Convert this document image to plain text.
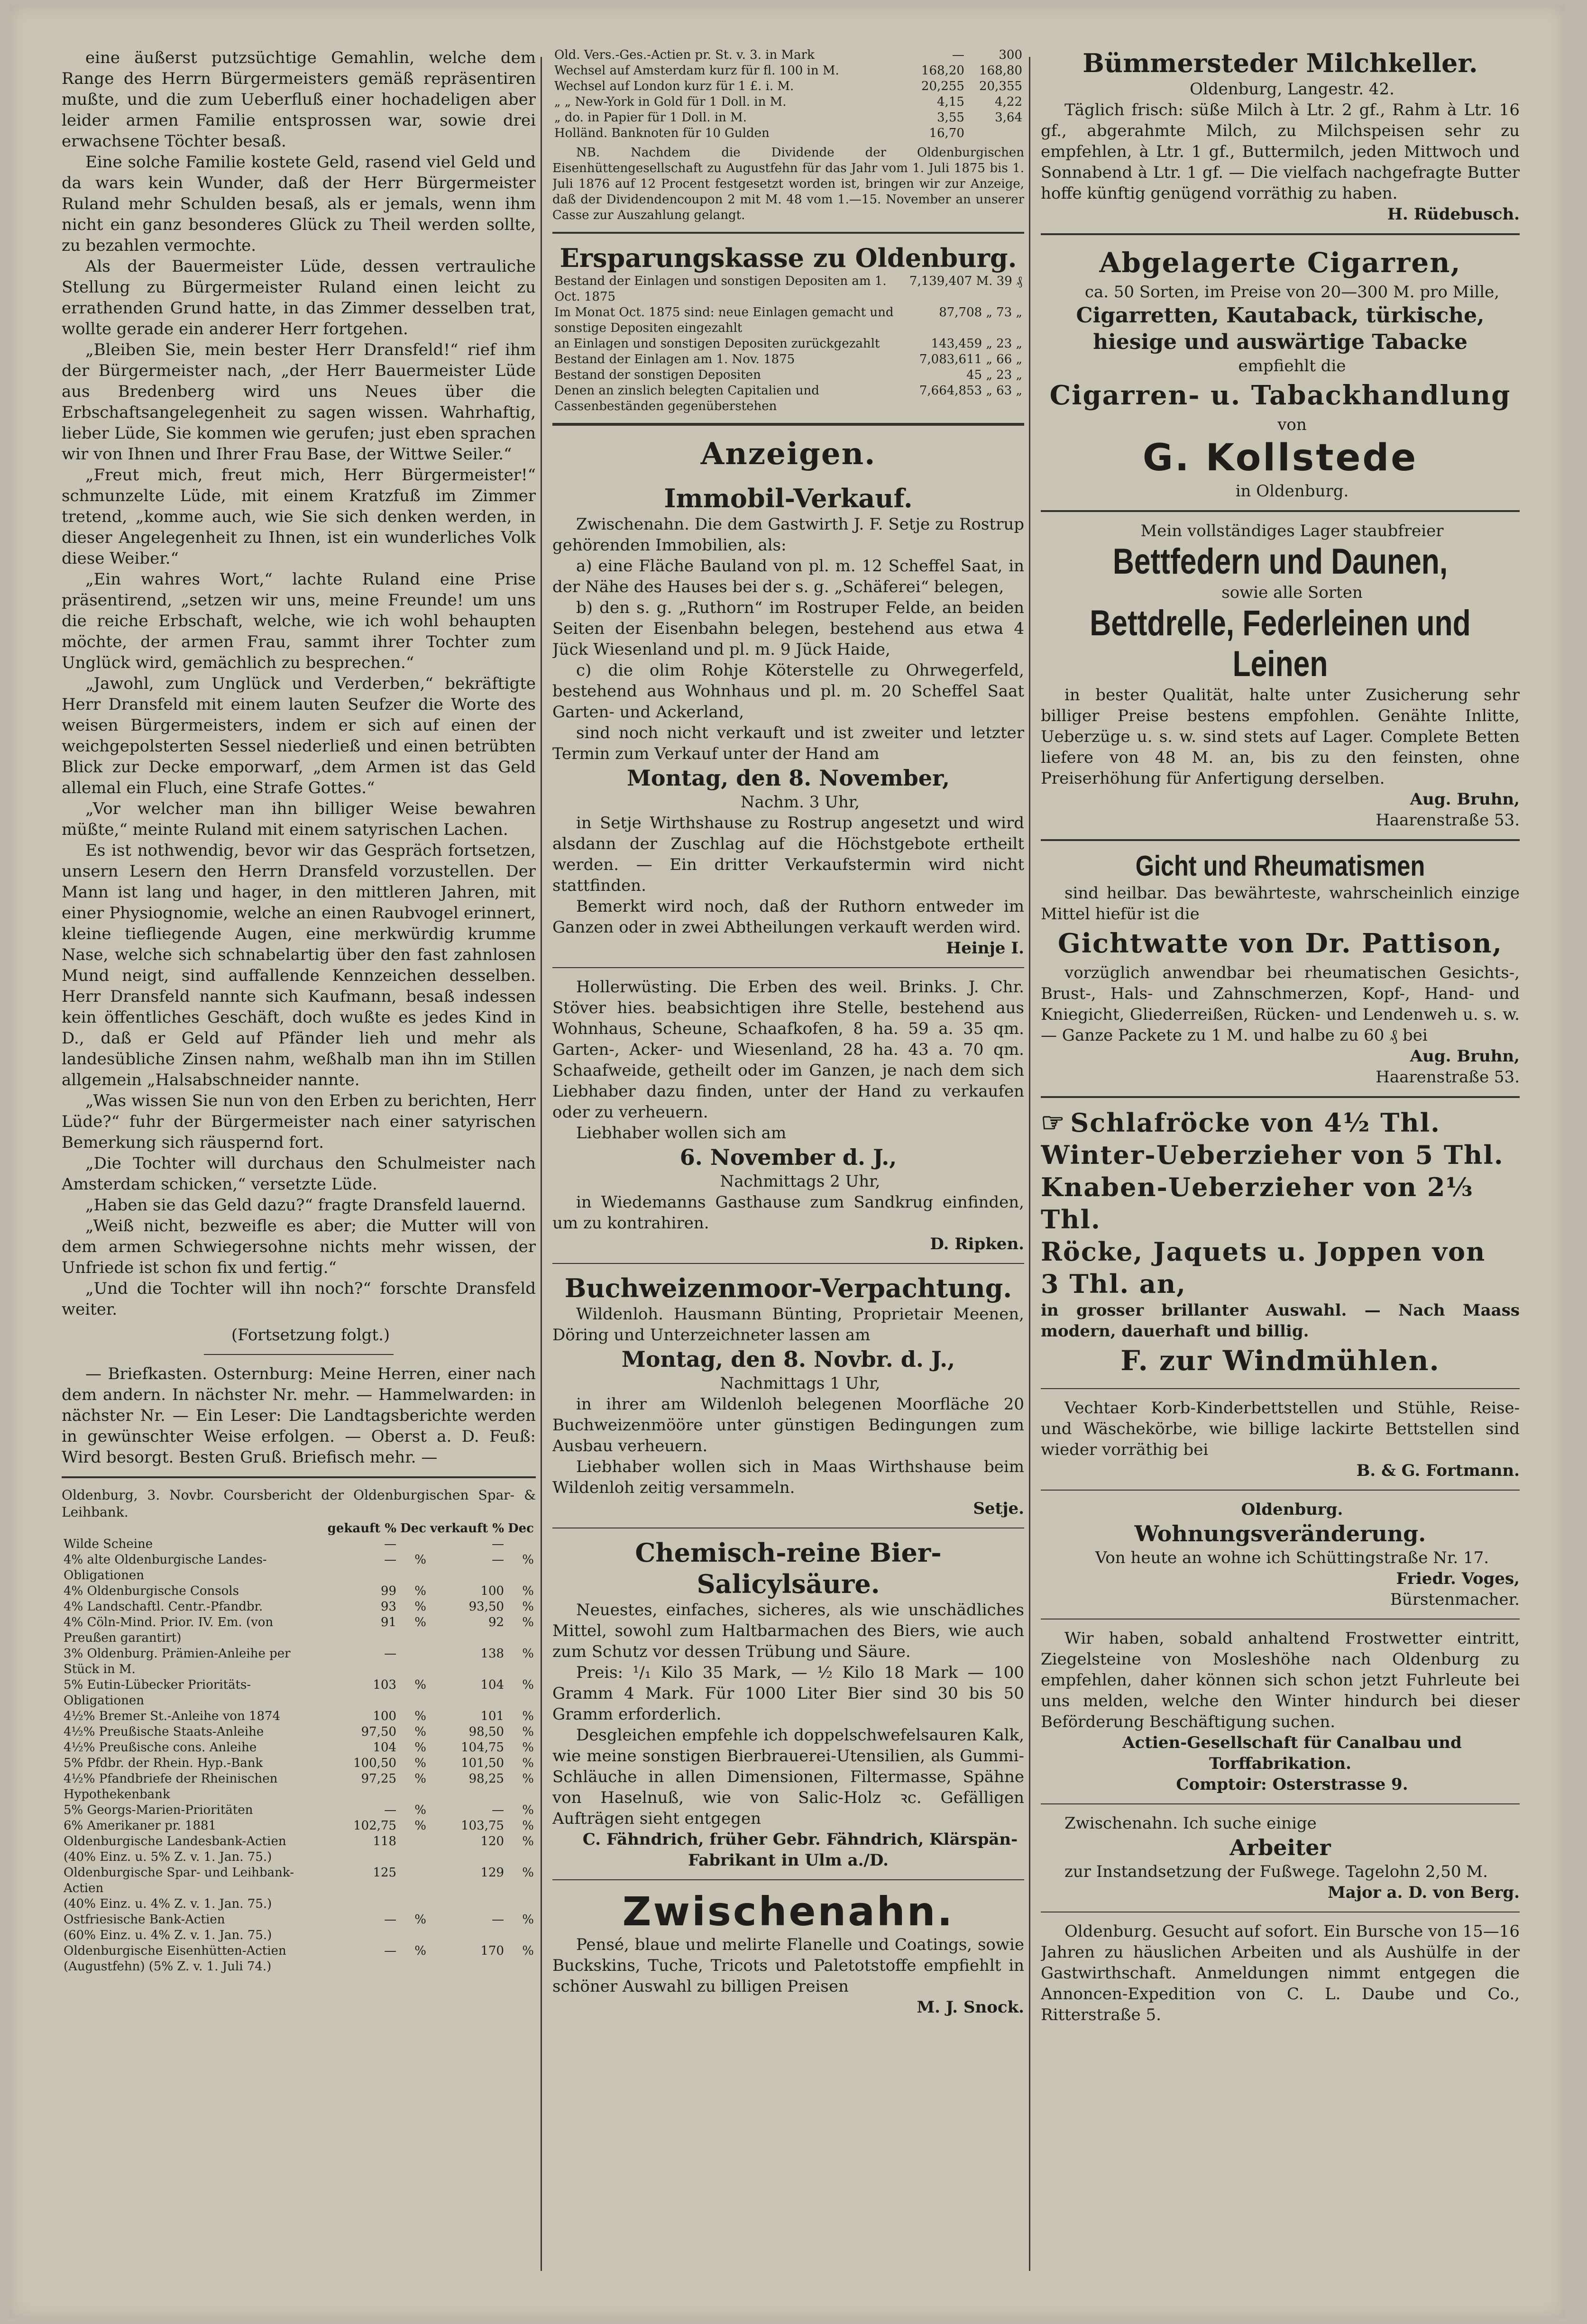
eine äußerst putzsüchtige Gemahlin, welche dem Range des Herrn Bürgermeisters gemäß repräsentiren mußte, und die zum Ueberfluß einer hochadeligen aber leider armen Familie entsprossen war, sowie drei erwachsene Töchter besaß.

Eine solche Familie kostete Geld, rasend viel Geld und da wars kein Wunder, daß der Herr Bürgermeister Ruland mehr Schulden besaß, als er jemals, wenn ihm nicht ein ganz besonderes Glück zu Theil werden sollte, zu bezahlen vermochte.

Als der Bauermeister Lüde, dessen vertrauliche Stellung zu Bürgermeister Ruland einen leicht zu errathenden Grund hatte, in das Zimmer desselben trat, wollte gerade ein anderer Herr fortgehen.

„Bleiben Sie, mein bester Herr Dransfeld!“ rief ihm der Bürgermeister nach, „der Herr Bauermeister Lüde aus Bredenberg wird uns Neues über die Erbschaftsangelegenheit zu sagen wissen. Wahrhaftig, lieber Lüde, Sie kommen wie gerufen; just eben sprachen wir von Ihnen und Ihrer Frau Base, der Wittwe Seiler.“

„Freut mich, freut mich, Herr Bürgermeister!“ schmunzelte Lüde, mit einem Kratzfuß im Zimmer tretend, „komme auch, wie Sie sich denken werden, in dieser Angelegenheit zu Ihnen, ist ein wunderliches Volk diese Weiber.“

„Ein wahres Wort,“ lachte Ruland eine Prise präsentirend, „setzen wir uns, meine Freunde! um uns die reiche Erbschaft, welche, wie ich wohl behaupten möchte, der armen Frau, sammt ihrer Tochter zum Unglück wird, gemächlich zu besprechen.“

„Jawohl, zum Unglück und Verderben,“ bekräftigte Herr Dransfeld mit einem lauten Seufzer die Worte des weisen Bürgermeisters, indem er sich auf einen der weichgepolsterten Sessel niederließ und einen betrübten Blick zur Decke emporwarf, „dem Armen ist das Geld allemal ein Fluch, eine Strafe Gottes.“

„Vor welcher man ihn billiger Weise bewahren müßte,“ meinte Ruland mit einem satyrischen Lachen.

Es ist nothwendig, bevor wir das Gespräch fortsetzen, unsern Lesern den Herrn Dransfeld vorzustellen. Der Mann ist lang und hager, in den mittleren Jahren, mit einer Physiognomie, welche an einen Raubvogel erinnert, kleine tiefliegende Augen, eine merkwürdig krumme Nase, welche sich schnabelartig über den fast zahnlosen Mund neigt, sind auffallende Kennzeichen desselben. Herr Dransfeld nannte sich Kaufmann, besaß indessen kein öffentliches Geschäft, doch wußte es jedes Kind in D., daß er Geld auf Pfänder lieh und mehr als landesübliche Zinsen nahm, weßhalb man ihn im Stillen allgemein „Halsabschneider nannte.

„Was wissen Sie nun von den Erben zu berichten, Herr Lüde?“ fuhr der Bürgermeister nach einer satyrischen Bemerkung sich räuspernd fort.

„Die Tochter will durchaus den Schulmeister nach Amsterdam schicken,“ versetzte Lüde.

„Haben sie das Geld dazu?“ fragte Dransfeld lauernd.

„Weiß nicht, bezweifle es aber; die Mutter will von dem armen Schwiegersohne nichts mehr wissen, der Unfriede ist schon fix und fertig.“

„Und die Tochter will ihn noch?“ forschte Dransfeld weiter.

(Fortsetzung folgt.)

— Briefkasten. Osternburg: Meine Herren, einer nach dem andern. In nächster Nr. mehr. — Hammelwarden: in nächster Nr. — Ein Leser: Die Landtagsberichte werden in gewünschter Weise erfolgen. — Oberst a. D. Feuß: Wird besorgt. Besten Gruß. Briefisch mehr. —

Oldenburg, 3. Novbr. Coursbericht der Oldenburgischen Spar- & Leihbank.

	gekauft %	Dec	verkauft %	Dec
Wilde Scheine	—		—	
4% alte Oldenburgische Landes-Obligationen	—	%	—	%
4% Oldenburgische Consols	99	%	100	%
4% Landschaftl. Centr.-Pfandbr.	93	%	93,50	%
4% Cöln-Mind. Prior. IV. Em. (von Preußen garantirt)	91	%	92	%
3% Oldenburg. Prämien-Anleihe per Stück in M.	—		138	%
5% Eutin-Lübecker Prioritäts-Obligationen	103	%	104	%
4½% Bremer St.-Anleihe von 1874	100	%	101	%
4½% Preußische Staats-Anleihe	97,50	%	98,50	%
4½% Preußische cons. Anleihe	104	%	104,75	%
5% Pfdbr. der Rhein. Hyp.-Bank	100,50	%	101,50	%
4½% Pfandbriefe der Rheinischen Hypothekenbank	97,25	%	98,25	%
5% Georgs-Marien-Prioritäten	—	%	—	%
6% Amerikaner pr. 1881	102,75	%	103,75	%
Oldenburgische Landesbank-Actien	118		120	%
(40% Einz. u. 5% Z. v. 1. Jan. 75.)				
Oldenburgische Spar- und Leihbank-Actien	125		129	%
(40% Einz. u. 4% Z. v. 1. Jan. 75.)				
Ostfriesische Bank-Actien	—	%	—	%
(60% Einz. u. 4% Z. v. 1. Jan. 75.)				
Oldenburgische Eisenhütten-Actien (Augustfehn) (5% Z. v. 1. Juli 74.)	—	%	170	%
Old. Vers.-Ges.-Actien pr. St. v. 3. in Mark	—	300
Wechsel auf Amsterdam kurz für fl. 100 in M.	168,20	168,80
Wechsel auf London kurz für 1 £. i. M.	20,255	20,355
„ „ New-York in Gold für 1 Doll. in M.	4,15	4,22
„ do. in Papier für 1 Doll. in M.	3,55	3,64
Holländ. Banknoten für 10 Gulden	16,70	

NB. Nachdem die Dividende der Oldenburgischen Eisenhüttengesellschaft zu Augustfehn für das Jahr vom 1. Juli 1875 bis 1. Juli 1876 auf 12 Procent festgesetzt worden ist, bringen wir zur Anzeige, daß der Dividendencoupon 2 mit M. 48 vom 1.—15. November an unserer Casse zur Auszahlung gelangt.

Ersparungskasse zu Oldenburg.
Bestand der Einlagen und sonstigen Depositen am 1. Oct. 1875	7,139,407 M. 39 ₰
Im Monat Oct. 1875 sind: neue Einlagen gemacht und sonstige Depositen eingezahlt	87,708 „ 73 „
an Einlagen und sonstigen Depositen zurückgezahlt	143,459 „ 23 „
Bestand der Einlagen am 1. Nov. 1875	7,083,611 „ 66 „
Bestand der sonstigen Depositen	45 „ 23 „
Denen an zinslich belegten Capitalien und Cassenbeständen gegenüberstehen	7,664,853 „ 63 „
Anzeigen.
Immobil-Verkauf.

Zwischenahn. Die dem Gastwirth J. F. Setje zu Rostrup gehörenden Immobilien, als:

a) eine Fläche Bauland von pl. m. 12 Scheffel Saat, in der Nähe des Hauses bei der s. g. „Schäferei“ belegen,

b) den s. g. „Ruthorn“ im Rostruper Felde, an beiden Seiten der Eisenbahn belegen, bestehend aus etwa 4 Jück Wiesenland und pl. m. 9 Jück Haide,

c) die olim Rohje Köterstelle zu Ohrwegerfeld, bestehend aus Wohnhaus und pl. m. 20 Scheffel Saat Garten- und Ackerland,

sind noch nicht verkauft und ist zweiter und letzter Termin zum Verkauf unter der Hand am

Montag, den 8. November,

Nachm. 3 Uhr,

in Setje Wirthshause zu Rostrup angesetzt und wird alsdann der Zuschlag auf die Höchstgebote ertheilt werden. — Ein dritter Verkaufstermin wird nicht stattfinden.

Bemerkt wird noch, daß der Ruthorn entweder im Ganzen oder in zwei Abtheilungen verkauft werden wird.

Heinje I.

Hollerwüsting. Die Erben des weil. Brinks. J. Chr. Stöver hies. beabsichtigen ihre Stelle, bestehend aus Wohnhaus, Scheune, Schaafkofen, 8 ha. 59 a. 35 qm. Garten-, Acker- und Wiesenland, 28 ha. 43 a. 70 qm. Schaafweide, getheilt oder im Ganzen, je nach dem sich Liebhaber dazu finden, unter der Hand zu verkaufen oder zu verheuern.

Liebhaber wollen sich am

6. November d. J.,

Nachmittags 2 Uhr,

in Wiedemanns Gasthause zum Sandkrug einfinden, um zu kontrahiren.

D. Ripken.
Buchweizenmoor-Verpachtung.

Wildenloh. Hausmann Bünting, Proprietair Meenen, Döring und Unterzeichneter lassen am

Montag, den 8. Novbr. d. J.,

Nachmittags 1 Uhr,

in ihrer am Wildenloh belegenen Moorfläche 20 Buchweizenmööre unter günstigen Bedingungen zum Ausbau verheuern.

Liebhaber wollen sich in Maas Wirthshause beim Wildenloh zeitig versammeln.

Setje.
Chemisch-reine Bier-Salicylsäure.

Neuestes, einfaches, sicheres, als wie unschädliches Mittel, sowohl zum Haltbarmachen des Biers, wie auch zum Schutz vor dessen Trübung und Säure.

Preis: ¹/₁ Kilo 35 Mark, — ½ Kilo 18 Mark — 100 Gramm 4 Mark. Für 1000 Liter Bier sind 30 bis 50 Gramm erforderlich.

Desgleichen empfehle ich doppelschwefelsauren Kalk, wie meine sonstigen Bierbrauerei-Utensilien, als Gummi-Schläuche in allen Dimensionen, Filtermasse, Spähne von Haselnuß, wie von Salic-Holz ꝛc. Gefälligen Aufträgen sieht entgegen

C. Fähndrich, früher Gebr. Fähndrich, Klärspän-Fabrikant in Ulm a./D.

Zwischenahn.

Pensé, blaue und melirte Flanelle und Coatings, sowie Buckskins, Tuche, Tricots und Paletotstoffe empfiehlt in schöner Auswahl zu billigen Preisen

M. J. Snock.
Bümmersteder Milchkeller.

Oldenburg, Langestr. 42.

Täglich frisch: süße Milch à Ltr. 2 gf., Rahm à Ltr. 16 gf., abgerahmte Milch, zu Milchspeisen sehr zu empfehlen, à Ltr. 1 gf., Buttermilch, jeden Mittwoch und Sonnabend à Ltr. 1 gf. — Die vielfach nachgefragte Butter hoffe künftig genügend vorräthig zu haben.

H. Rüdebusch.
Abgelagerte Cigarren,

ca. 50 Sorten, im Preise von 20—300 M. pro Mille,

Cigarretten, Kautaback, türkische, hiesige und auswärtige Tabacke

empfiehlt die

Cigarren- u. Tabackhandlung

von

G. Kollstede

in Oldenburg.

Mein vollständiges Lager staubfreier

Bettfedern und Daunen,

sowie alle Sorten

Bettdrelle, Federleinen und Leinen

in bester Qualität, halte unter Zusicherung sehr billiger Preise bestens empfohlen. Genähte Inlitte, Ueberzüge u. s. w. sind stets auf Lager. Complete Betten liefere von 48 M. an, bis zu den feinsten, ohne Preiserhöhung für Anfertigung derselben.

Aug. Bruhn,
Haarenstraße 53.
Gicht und Rheumatismen

sind heilbar. Das bewährteste, wahrscheinlich einzige Mittel hiefür ist die

Gichtwatte von Dr. Pattison,

vorzüglich anwendbar bei rheumatischen Gesichts-, Brust-, Hals- und Zahnschmerzen, Kopf-, Hand- und Kniegicht, Gliederreißen, Rücken- und Lendenweh u. s. w. — Ganze Packete zu 1 M. und halbe zu 60 ₰ bei

Aug. Bruhn,
Haarenstraße 53.
☞ Schlafröcke von 4½ Thl.
Winter-Ueberzieher von 5 Thl.
Knaben-Ueberzieher von 2⅓ Thl.
Röcke, Jaquets u. Joppen von
3 Thl. an,

in grosser brillanter Auswahl. — Nach Maass modern, dauerhaft und billig.

F. zur Windmühlen.

Vechtaer Korb-Kinderbettstellen und Stühle, Reise- und Wäschekörbe, wie billige lackirte Bettstellen sind wieder vorräthig bei

B. & G. Fortmann.

Oldenburg.

Wohnungsveränderung.

Von heute an wohne ich Schüttingstraße Nr. 17.

Friedr. Voges,
Bürstenmacher.

Wir haben, sobald anhaltend Frostwetter eintritt, Ziegelsteine von Mosleshöhe nach Oldenburg zu empfehlen, daher können sich schon jetzt Fuhrleute bei uns melden, welche den Winter hindurch bei dieser Beförderung Beschäftigung suchen.

Actien-Gesellschaft für Canalbau und Torffabrikation.

Comptoir: Osterstrasse 9.

Zwischenahn. Ich suche einige

Arbeiter

zur Instandsetzung der Fußwege. Tagelohn 2,50 M.

Major a. D. von Berg.

Oldenburg. Gesucht auf sofort. Ein Bursche von 15—16 Jahren zu häuslichen Arbeiten und als Aushülfe in der Gastwirthschaft. Anmeldungen nimmt entgegen die Annoncen-Expedition von C. L. Daube und Co., Ritterstraße 5.
